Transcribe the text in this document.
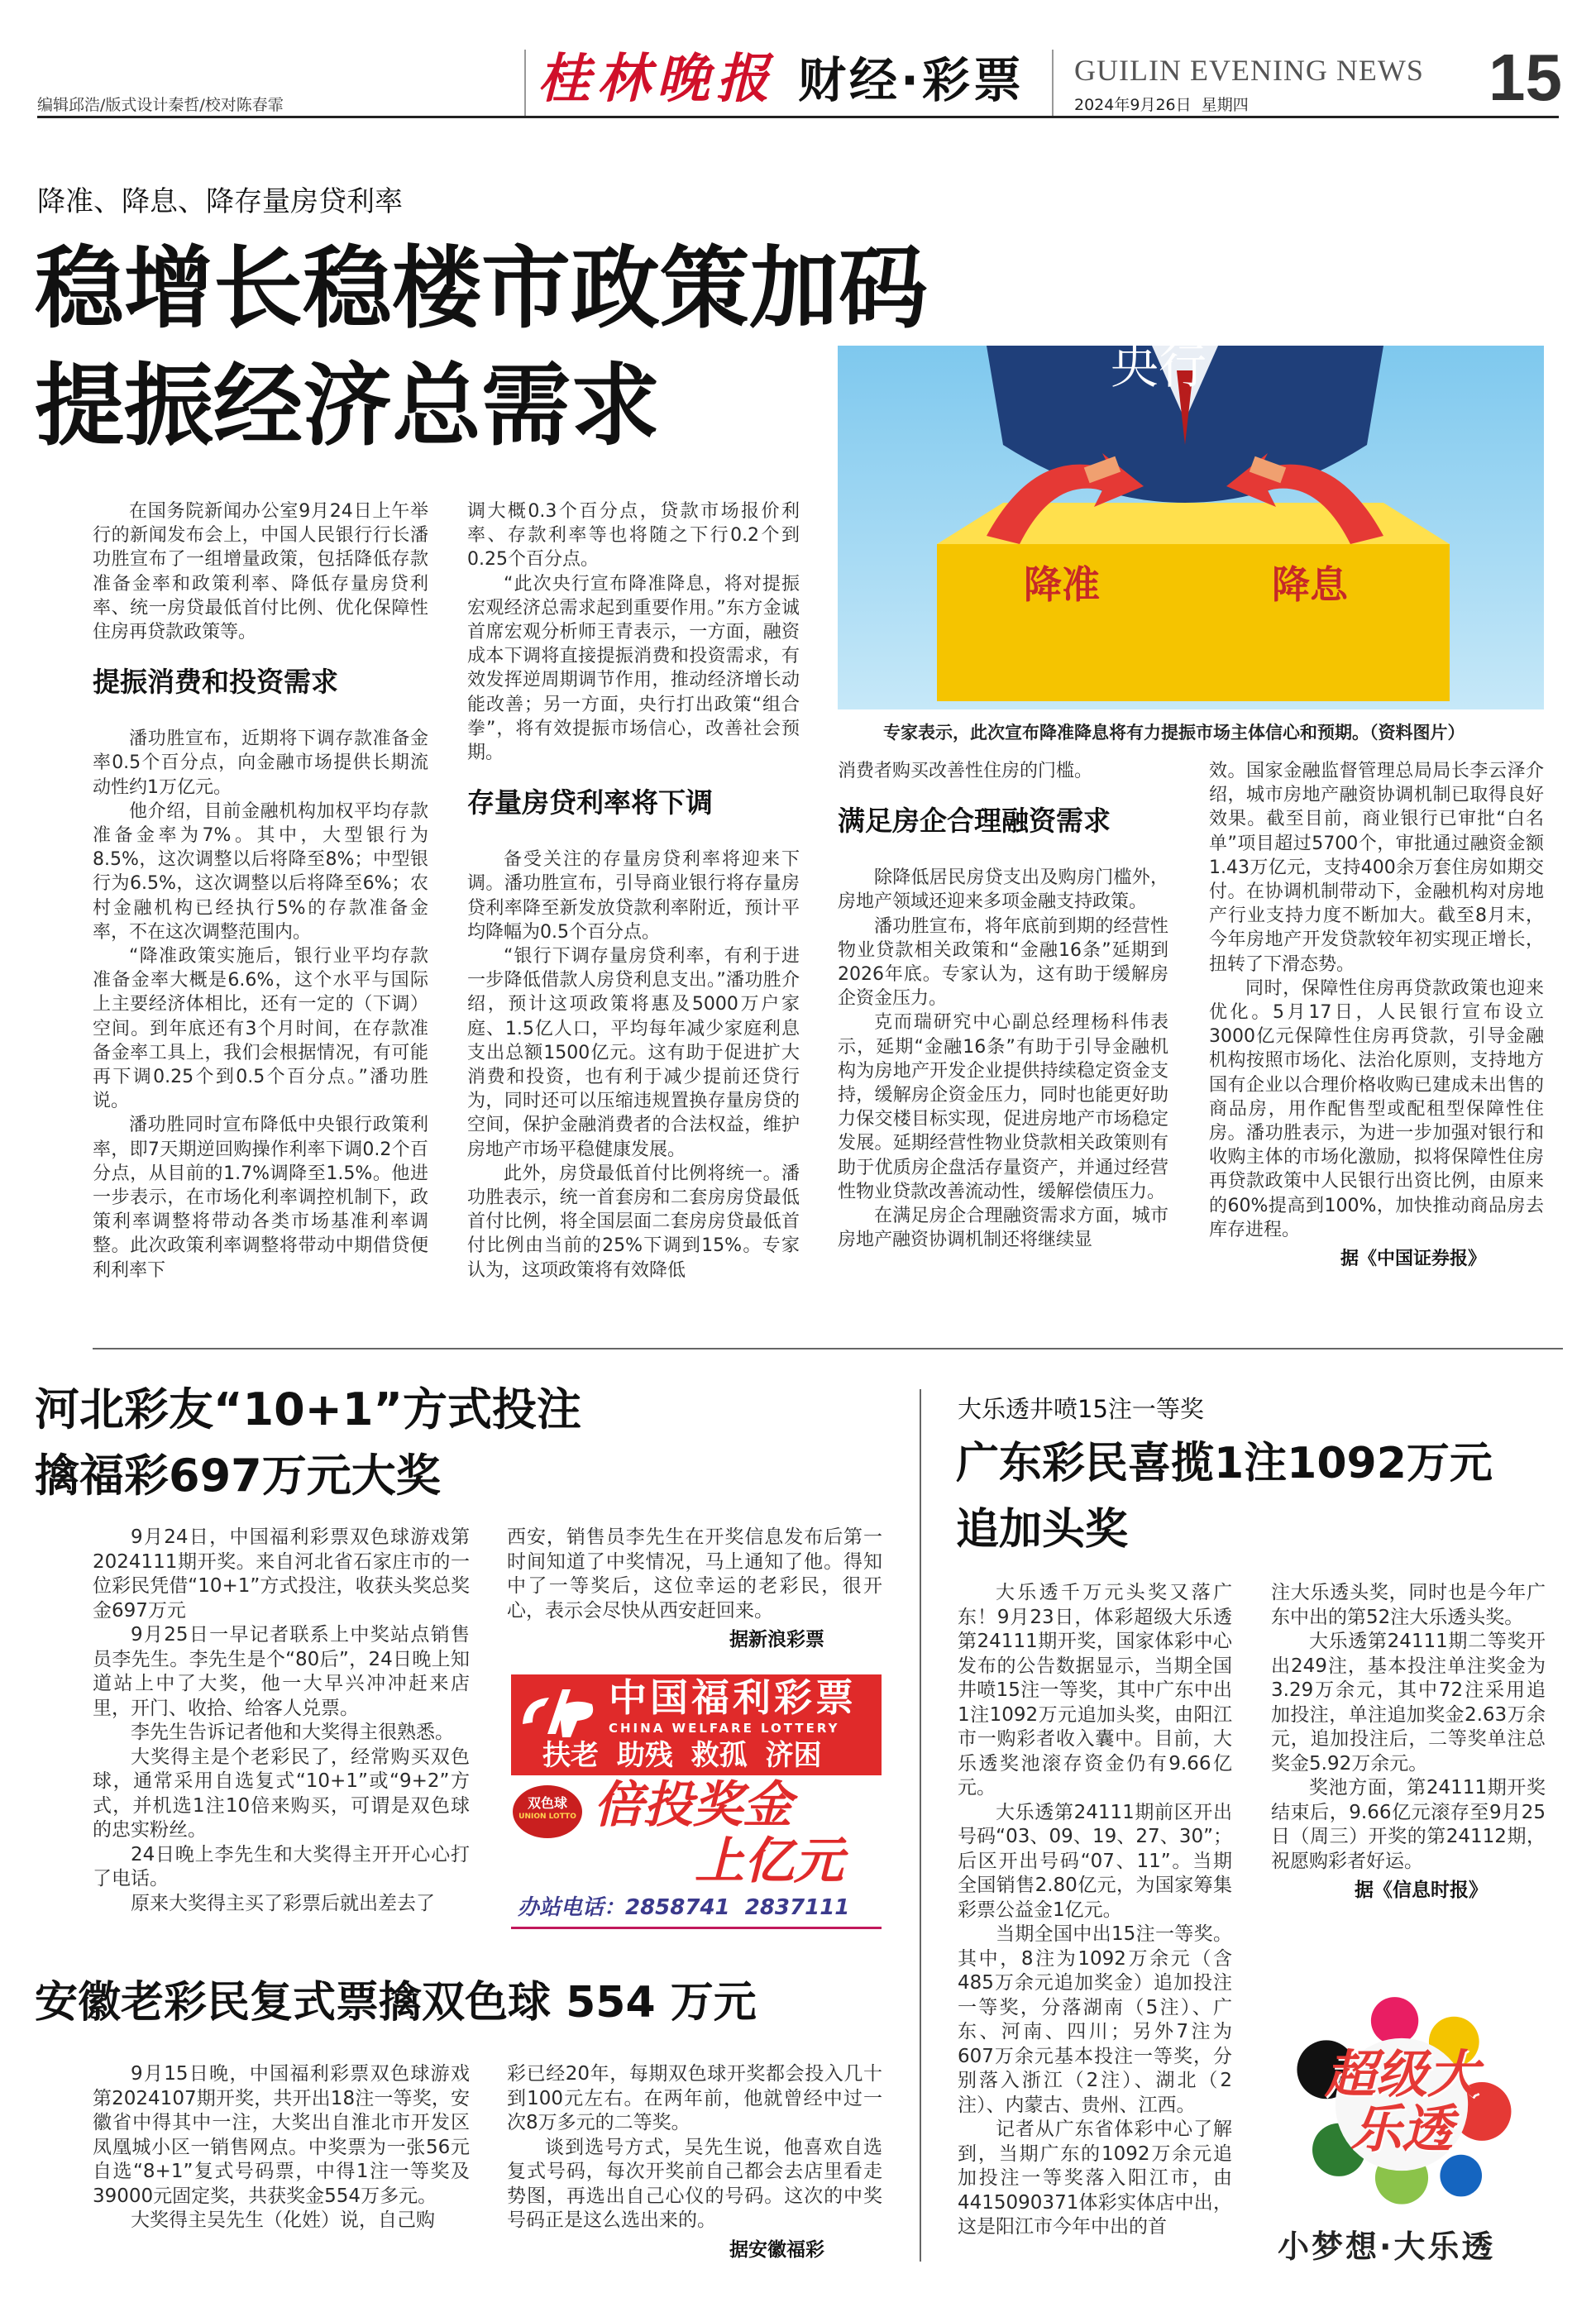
编辑邱浩/版式设计秦哲/校对陈春霏	桂林晚报 财经·彩票 GUILIN EVENING NEWS
2024年9月26日  星期四	15
降准、降息、降存量房贷利率
稳增长稳楼市政策加码
提振经济总需求	央行
降准	降息
专家表示，此次宣布降准降息将有力提振市场主体信心和预期。（资料图片）

在国务院新闻办公室9月24日上午举行的新闻发布会上，中国人民银行行长潘功胜宣布了一组增量政策，包括降低存款准备金率和政策利率、降低存量房贷利率、统一房贷最低首付比例、优化保障性住房再贷款政策等。

提振消费和投资需求

潘功胜宣布，近期将下调存款准备金率0.5个百分点，向金融市场提供长期流动性约1万亿元。

他介绍，目前金融机构加权平均存款准备金率为7%。其中，大型银行为8.5%，这次调整以后将降至8%；中型银行为6.5%，这次调整以后将降至6%；农村金融机构已经执行5%的存款准备金率，不在这次调整范围内。

“降准政策实施后，银行业平均存款准备金率大概是6.6%，这个水平与国际上主要经济体相比，还有一定的（下调）空间。到年底还有3个月时间，在存款准备金率工具上，我们会根据情况，有可能再下调0.25个到0.5个百分点。”潘功胜说。

潘功胜同时宣布降低中央银行政策利率，即7天期逆回购操作利率下调0.2个百分点，从目前的1.7%调降至1.5%。他进一步表示，在市场化利率调控机制下，政策利率调整将带动各类市场基准利率调整。此次政策利率调整将带动中期借贷便利利率下

调大概0.3个百分点，贷款市场报价利率、存款利率等也将随之下行0.2个到0.25个百分点。

“此次央行宣布降准降息，将对提振宏观经济总需求起到重要作用。”东方金诚首席宏观分析师王青表示，一方面，融资成本下调将直接提振消费和投资需求，有效发挥逆周期调节作用，推动经济增长动能改善；另一方面，央行打出政策“组合拳”，将有效提振市场信心，改善社会预期。

存量房贷利率将下调

备受关注的存量房贷利率将迎来下调。潘功胜宣布，引导商业银行将存量房贷利率降至新发放贷款利率附近，预计平均降幅为0.5个百分点。

“银行下调存量房贷利率，有利于进一步降低借款人房贷利息支出。”潘功胜介绍，预计这项政策将惠及5000万户家庭、1.5亿人口，平均每年减少家庭利息支出总额1500亿元。这有助于促进扩大消费和投资，也有利于减少提前还贷行为，同时还可以压缩违规置换存量房贷的空间，保护金融消费者的合法权益，维护房地产市场平稳健康发展。

此外，房贷最低首付比例将统一。潘功胜表示，统一首套房和二套房房贷最低首付比例，将全国层面二套房房贷最低首付比例由当前的25%下调到15%。专家认为，这项政策将有效降低

消费者购买改善性住房的门槛。

满足房企合理融资需求

除降低居民房贷支出及购房门槛外，房地产领域还迎来多项金融支持政策。

潘功胜宣布，将年底前到期的经营性物业贷款相关政策和“金融16条”延期到2026年底。专家认为，这有助于缓解房企资金压力。

克而瑞研究中心副总经理杨科伟表示，延期“金融16条”有助于引导金融机构为房地产开发企业提供持续稳定资金支持，缓解房企资金压力，同时也能更好助力保交楼目标实现，促进房地产市场稳定发展。延期经营性物业贷款相关政策则有助于优质房企盘活存量资产，并通过经营性物业贷款改善流动性，缓解偿债压力。

在满足房企合理融资需求方面，城市房地产融资协调机制还将继续显

效。国家金融监督管理总局局长李云泽介绍，城市房地产融资协调机制已取得良好效果。截至目前，商业银行已审批“白名单”项目超过5700个，审批通过融资金额1.43万亿元，支持400余万套住房如期交付。在协调机制带动下，金融机构对房地产行业支持力度不断加大。截至8月末，今年房地产开发贷款较年初实现正增长，扭转了下滑态势。

同时，保障性住房再贷款政策也迎来优化。5月17日，人民银行宣布设立3000亿元保障性住房再贷款，引导金融机构按照市场化、法治化原则，支持地方国有企业以合理价格收购已建成未出售的商品房，用作配售型或配租型保障性住房。潘功胜表示，为进一步加强对银行和收购主体的市场化激励，拟将保障性住房再贷款政策中人民银行出资比例，由原来的60%提高到100%，加快推动商品房去库存进程。

据《中国证券报》

河北彩友“10+1”方式投注
擒福彩697万元大奖

9月24日，中国福利彩票双色球游戏第2024111期开奖。来自河北省石家庄市的一位彩民凭借“10+1”方式投注，收获头奖总奖金697万元

9月25日一早记者联系上中奖站点销售员李先生。李先生是个“80后”，24日晚上知道站上中了大奖，他一大早兴冲冲赶来店里，开门、收拾、给客人兑票。

李先生告诉记者他和大奖得主很熟悉。

大奖得主是个老彩民了，经常购买双色球，通常采用自选复式“10+1”或“9+2”方式，并机选1注10倍来购买，可谓是双色球的忠实粉丝。

24日晚上李先生和大奖得主开开心心打了电话。

原来大奖得主买了彩票后就出差去了

西安，销售员李先生在开奖信息发布后第一时间知道了中奖情况，马上通知了他。得知中了一等奖后，这位幸运的老彩民，很开心，表示会尽快从西安赶回来。

据新浪彩票

中国福利彩票
CHINA WELFARE LOTTERY
扶老 助残 救孤 济困
双色球
UNION LOTTO 倍投奖金
上亿元
办站电话：2858741  2837111
安徽老彩民复式票擒双色球 554 万元

9月15日晚，中国福利彩票双色球游戏第2024107期开奖，共开出18注一等奖，安徽省中得其中一注，大奖出自淮北市开发区凤凰城小区一销售网点。中奖票为一张56元自选“8+1”复式号码票，中得1注一等奖及39000元固定奖，共获奖金554万多元。

大奖得主吴先生（化姓）说，自己购

彩已经20年，每期双色球开奖都会投入几十到100元左右。在两年前，他就曾经中过一次8万多元的二等奖。

谈到选号方式，吴先生说，他喜欢自选复式号码，每次开奖前自己都会去店里看走势图，再选出自己心仪的号码。这次的中奖号码正是这么选出来的。

据安徽福彩

大乐透井喷15注一等奖
广东彩民喜揽1注1092万元
追加头奖

大乐透千万元头奖又落广东！9月23日，体彩超级大乐透第24111期开奖，国家体彩中心发布的公告数据显示，当期全国井喷15注一等奖，其中广东中出1注1092万元追加头奖，由阳江市一购彩者收入囊中。目前，大乐透奖池滚存资金仍有9.66亿元。

大乐透第24111期前区开出号码“03、09、19、27、30”；后区开出号码“07、11”。当期全国销售2.80亿元，为国家筹集彩票公益金1亿元。

当期全国中出15注一等奖。其中，8注为1092万余元（含485万余元追加奖金）追加投注一等奖，分落湖南（5注）、广东、河南、四川；另外7注为607万余元基本投注一等奖，分别落入浙江（2注）、湖北（2注）、内蒙古、贵州、江西。

记者从广东省体彩中心了解到，当期广东的1092万余元追加投注一等奖落入阳江市，由4415090371体彩实体店中出，这是阳江市今年中出的首

注大乐透头奖，同时也是今年广东中出的第52注大乐透头奖。

大乐透第24111期二等奖开出249注，基本投注单注奖金为3.29万余元，其中72注采用追加投注，单注追加奖金2.63万余元，追加投注后，二等奖单注总奖金5.92万余元。

奖池方面，第24111期开奖结束后，9.66亿元滚存至9月25日（周三）开奖的第24112期，祝愿购彩者好运。

据《信息时报》

超级大乐透
小梦想·大乐透
